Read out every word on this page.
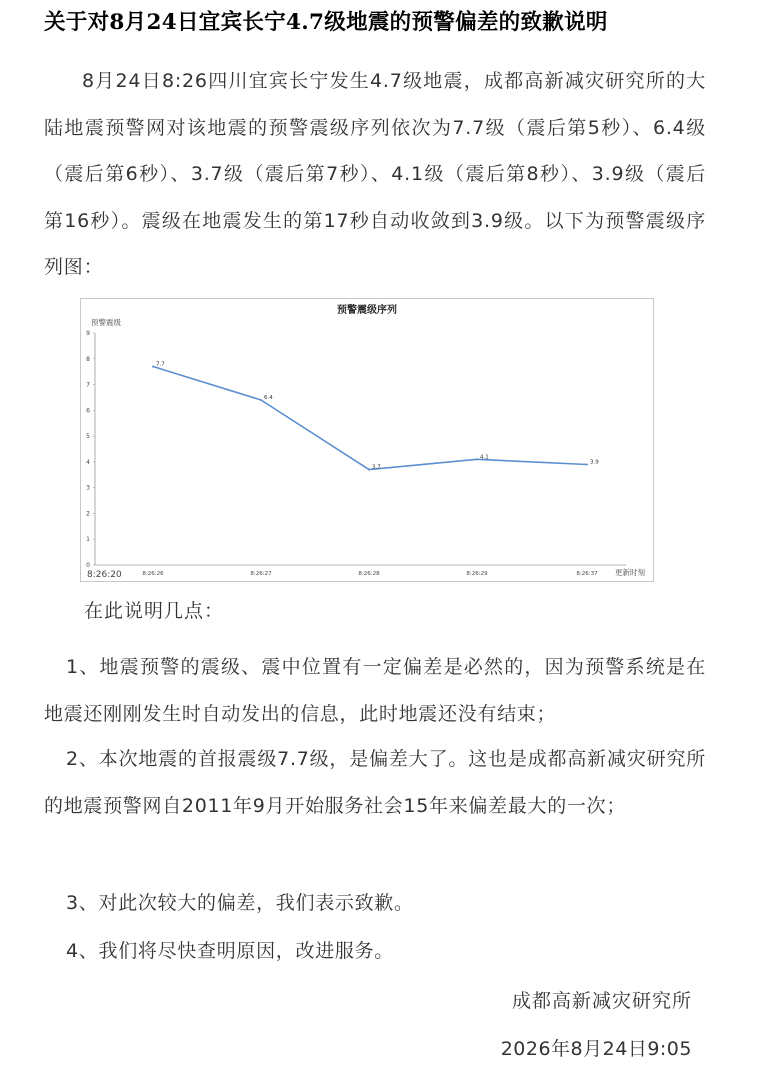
关于对8月24日宜宾长宁4.7级地震的预警偏差的致歉说明

8月24日8:26四川宜宾长宁发生4.7级地震，成都高新减灾研究所的大陆地震预警网对该地震的预警震级序列依次为7.7级（震后第5秒）、6.4级（震后第6秒）、3.7级（震后第7秒）、4.1级（震后第8秒）、3.9级（震后第16秒）。震级在地震发生的第17秒自动收敛到3.9级。以下为预警震级序列图：

预警震级序列
预警震级
更新时刻
8:26:20
0
1
2
3
4
5
6
7
8
9
8:26:26	8:26:27	8:26:28	8:26:29	8:26:37
7.7
6.4
3.7
4.1
3.9

在此说明几点：

1、地震预警的震级、震中位置有一定偏差是必然的，因为预警系统是在地震还刚刚发生时自动发出的信息，此时地震还没有结束；

2、本次地震的首报震级7.7级，是偏差大了。这也是成都高新减灾研究所的地震预警网自2011年9月开始服务社会15年来偏差最大的一次；

3、对此次较大的偏差，我们表示致歉。

4、我们将尽快查明原因，改进服务。

成都高新减灾研究所

2026年8月24日9:05
